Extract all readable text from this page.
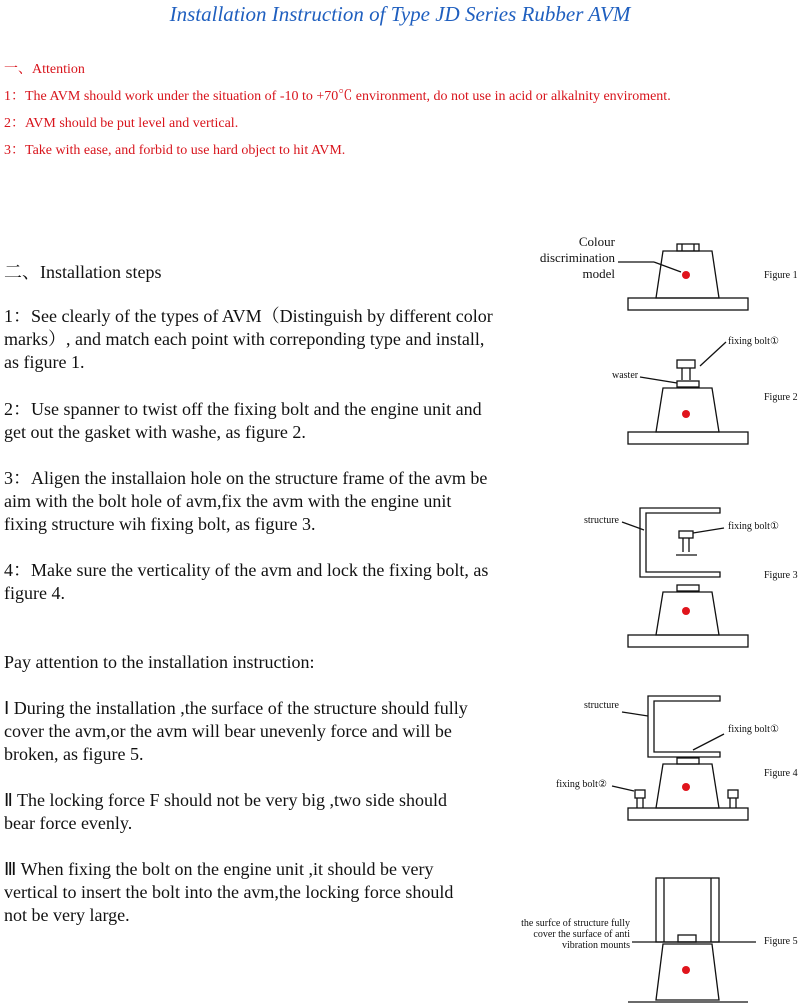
Installation Instruction of Type JD Series Rubber AVM
一、Attention
1：The AVM should work under the situation of -10 to +70℃ environment, do not use in acid or alkalnity enviroment.
2：AVM should be put level and vertical.
3：Take with ease, and forbid to use hard object to hit AVM.
二、Installation steps
1：See clearly of the types of AVM（Distinguish by different color marks）, and match each point with correponding type and install, as figure 1.
2：Use spanner to twist off the fixing bolt and the engine unit and get out the gasket with washe, as figure 2.
3：Aligen the installaion hole on the structure frame of the avm be aim with the bolt hole of avm,fix the avm with the engine unit fixing structure wih fixing bolt, as figure 3.
4：Make sure the verticality of the avm and lock the fixing bolt, as figure 4.
Pay attention to the installation instruction:
Ⅰ During the installation ,the surface of the structure should fully cover the avm,or the avm will bear unevenly force and will be broken, as figure 5.
Ⅱ The locking force F should not be very big ,two side should bear force evenly.
Ⅲ When fixing the bolt on the engine unit ,it should be very vertical to insert the bolt into the avm,the locking force should not be very large.
Figure 1
Colour discrimination model
fixing bolt①
waster
Figure 2
structure
fixing bolt①
Figure 3
structure
fixing bolt①
Figure 4
fixing bolt②
the surfce of structure fully cover the surface of anti vibration mounts	Figure 5
